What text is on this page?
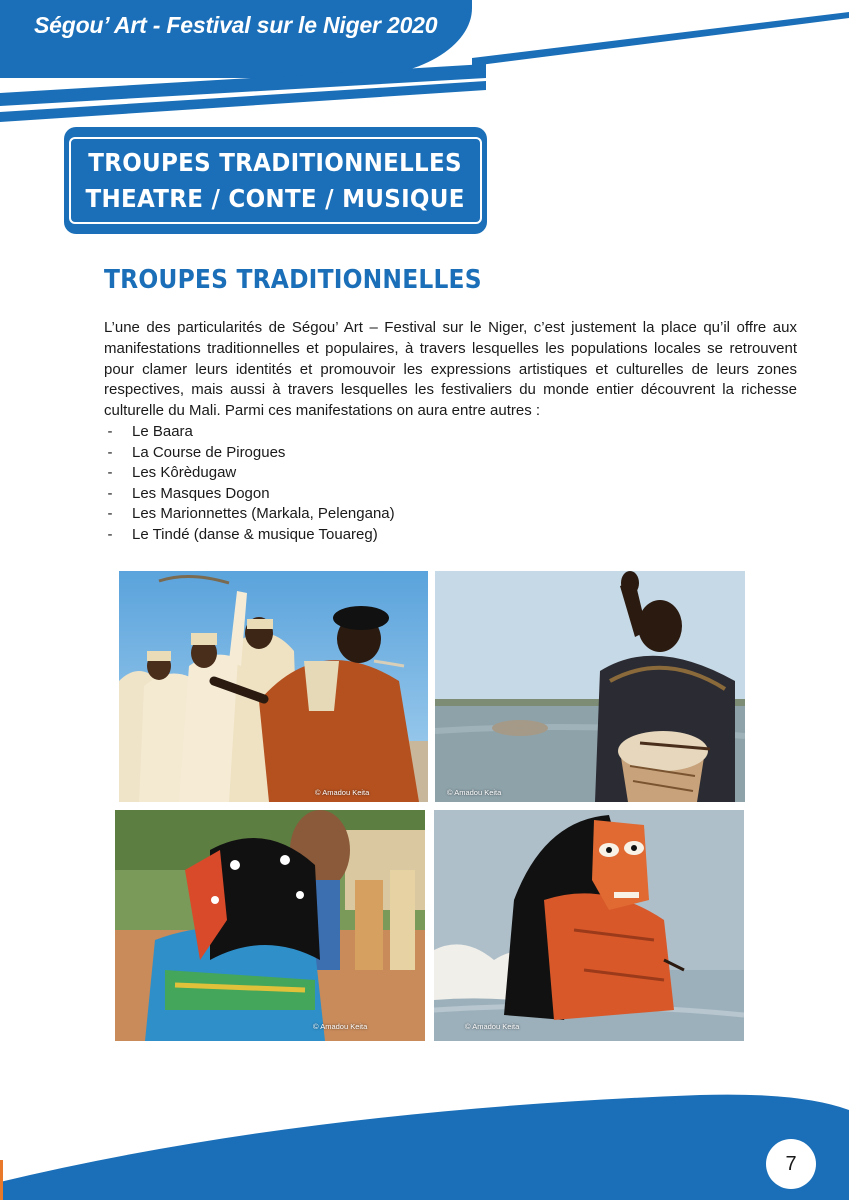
Ségou’ Art - Festival sur le Niger 2020
TROUPES TRADITIONNELLES
THEATRE / CONTE / MUSIQUE
TROUPES TRADITIONNELLES

L’une des particularités de Ségou’ Art – Festival sur le Niger, c’est justement la place qu’il offre aux manifestations traditionnelles et populaires, à travers lesquelles les populations locales se retrouvent pour clamer leurs identités et promouvoir les expressions artistiques et culturelles de leurs zones respectives, mais aussi à travers lesquelles les festivaliers du monde entier découvrent la richesse culturelle du Mali. Parmi ces manifestations on aura entre autres :

- Le Baara
- La Course de Pirogues
- Les Kôrèdugaw
- Les Masques Dogon
- Les Marionnettes (Markala, Pelengana)
- Le Tindé (danse & musique Touareg)
© Amadou Keita	© Amadou Keita
© Amadou Keita	© Amadou Keita
7
